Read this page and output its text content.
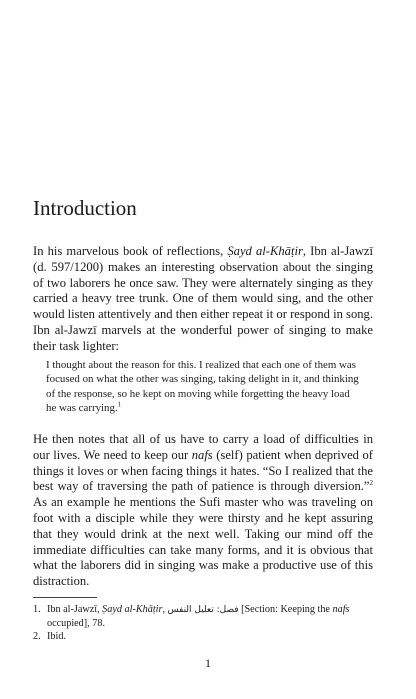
Introduction

In his marvelous book of reflections, Ṣayd al-Khāṭir, Ibn al-Jawzī (d. 597/1200) makes an interesting observation about the singing of two laborers he once saw. They were alternately singing as they carried a heavy tree trunk. One of them would sing, and the other would listen attentively and then either repeat it or respond in song. Ibn al-Jawzī marvels at the wonderful power of singing to make their task lighter:

I thought about the reason for this. I realized that each one of them was focused on what the other was singing, taking delight in it, and thinking of the response, so he kept on moving while forgetting the heavy load he was carrying.$^1$

He then notes that all of us have to carry a load of difficulties in our lives. We need to keep our nafs (self) patient when deprived of things it loves or when facing things it hates. “So I realized that the best way of traversing the path of patience is through diversion.”$^2$ As an example he mentions the Sufi master who was traveling on foot with a disciple while they were thirsty and he kept assuring that they would drink at the next well. Taking our mind off the immediate difficulties can take many forms, and it is obvious that what the laborers did in singing was make a productive use of this distraction.

1. Ibn al-Jawzī, Ṣayd al-Khāṭir, فصل: تعليل النفس [Section: Keeping the nafs
occupied], 78.
2. Ibid.

1
